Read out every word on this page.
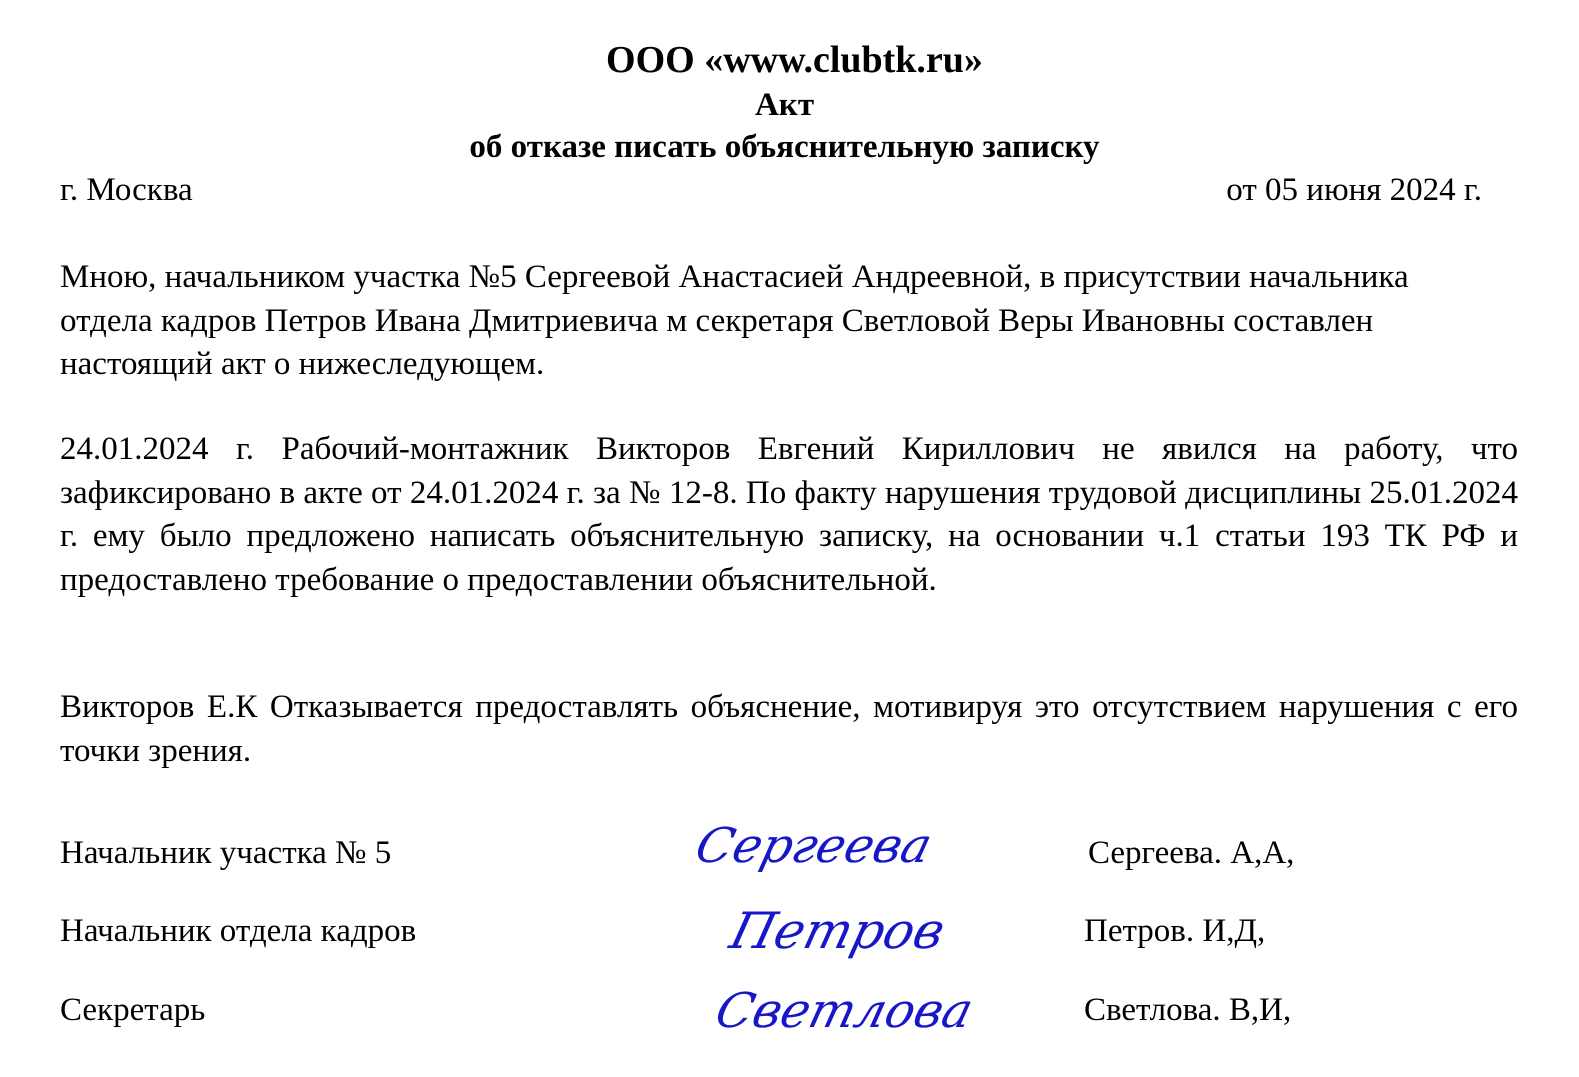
ООО «www.clubtk.ru»
Акт
об отказе писать объяснительную записку
г. Москва	от 05 июня 2024 г.

Мною, начальником участка №5 Сергеевой Анастасией Андреевной, в присутствии начальника отдела кадров Петров Ивана Дмитриевича м секретаря Светловой Веры Ивановны составлен настоящий акт о нижеследующем.

24.01.2024 г. Рабочий-монтажник Викторов Евгений Кириллович не явился на работу, что зафиксировано в акте от 24.01.2024 г. за № 12-8. По факту нарушения трудовой дисциплины 25.01.2024 г. ему было предложено написать объяснительную записку, на основании ч.1 статьи 193 ТК РФ и предоставлено требование о предоставлении объяснительной.

Викторов Е.К Отказывается предоставлять объяснение, мотивируя это отсутствием нарушения с его точки зрения.

Начальник участка № 5	Сергеева	Сергеева. А,А,
Начальник отдела кадров	Петров	Петров. И,Д,
Секретарь	Светлова	Светлова. В,И,
